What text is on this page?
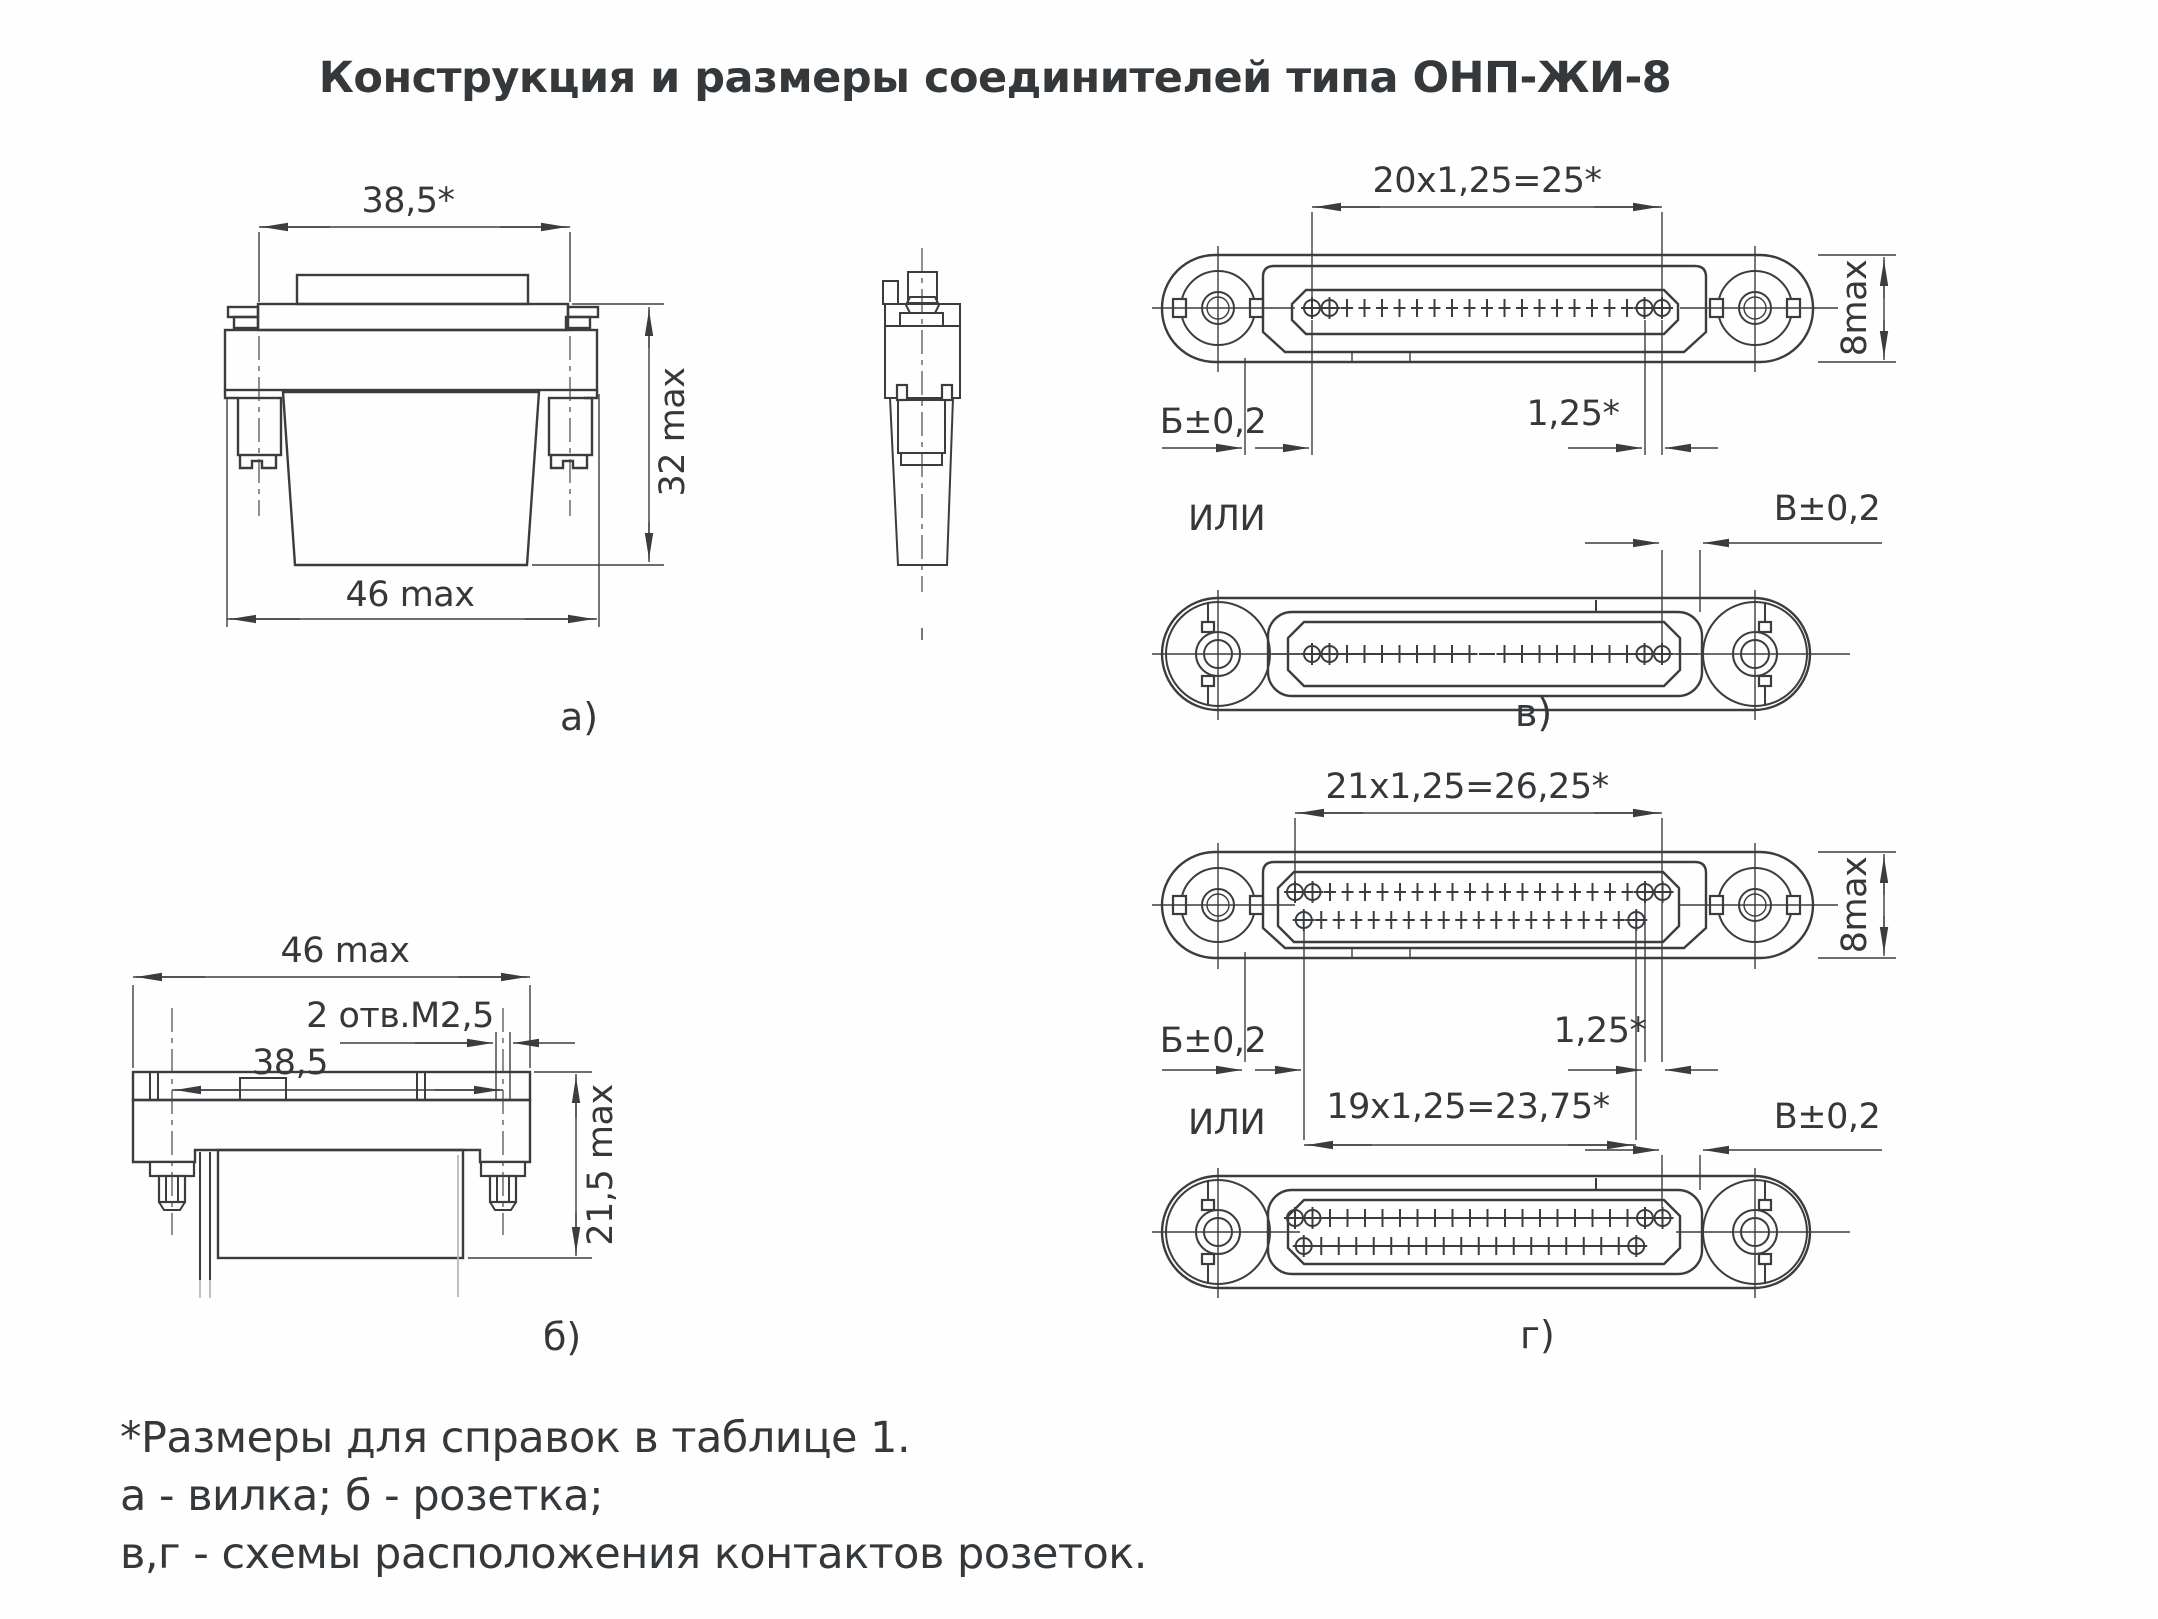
Конструкция и размеры соединителей типа ОНП-ЖИ-8
38,5*
32 max
46 max
а)
20x1,25=25*
Б±0,2	1,25*
8max
ИЛИ	В±0,2
в)
21x1,25=26,25*
Б±0,2	1,25*
19x1,25=23,75*
8max
ИЛИ	В±0,2
г)
46 max
2 отв.М2,5
38,5
21,5 max
б)
*Размеры для справок в таблице 1.
а - вилка; б - розетка;
в,г - схемы расположения контактов розеток.
